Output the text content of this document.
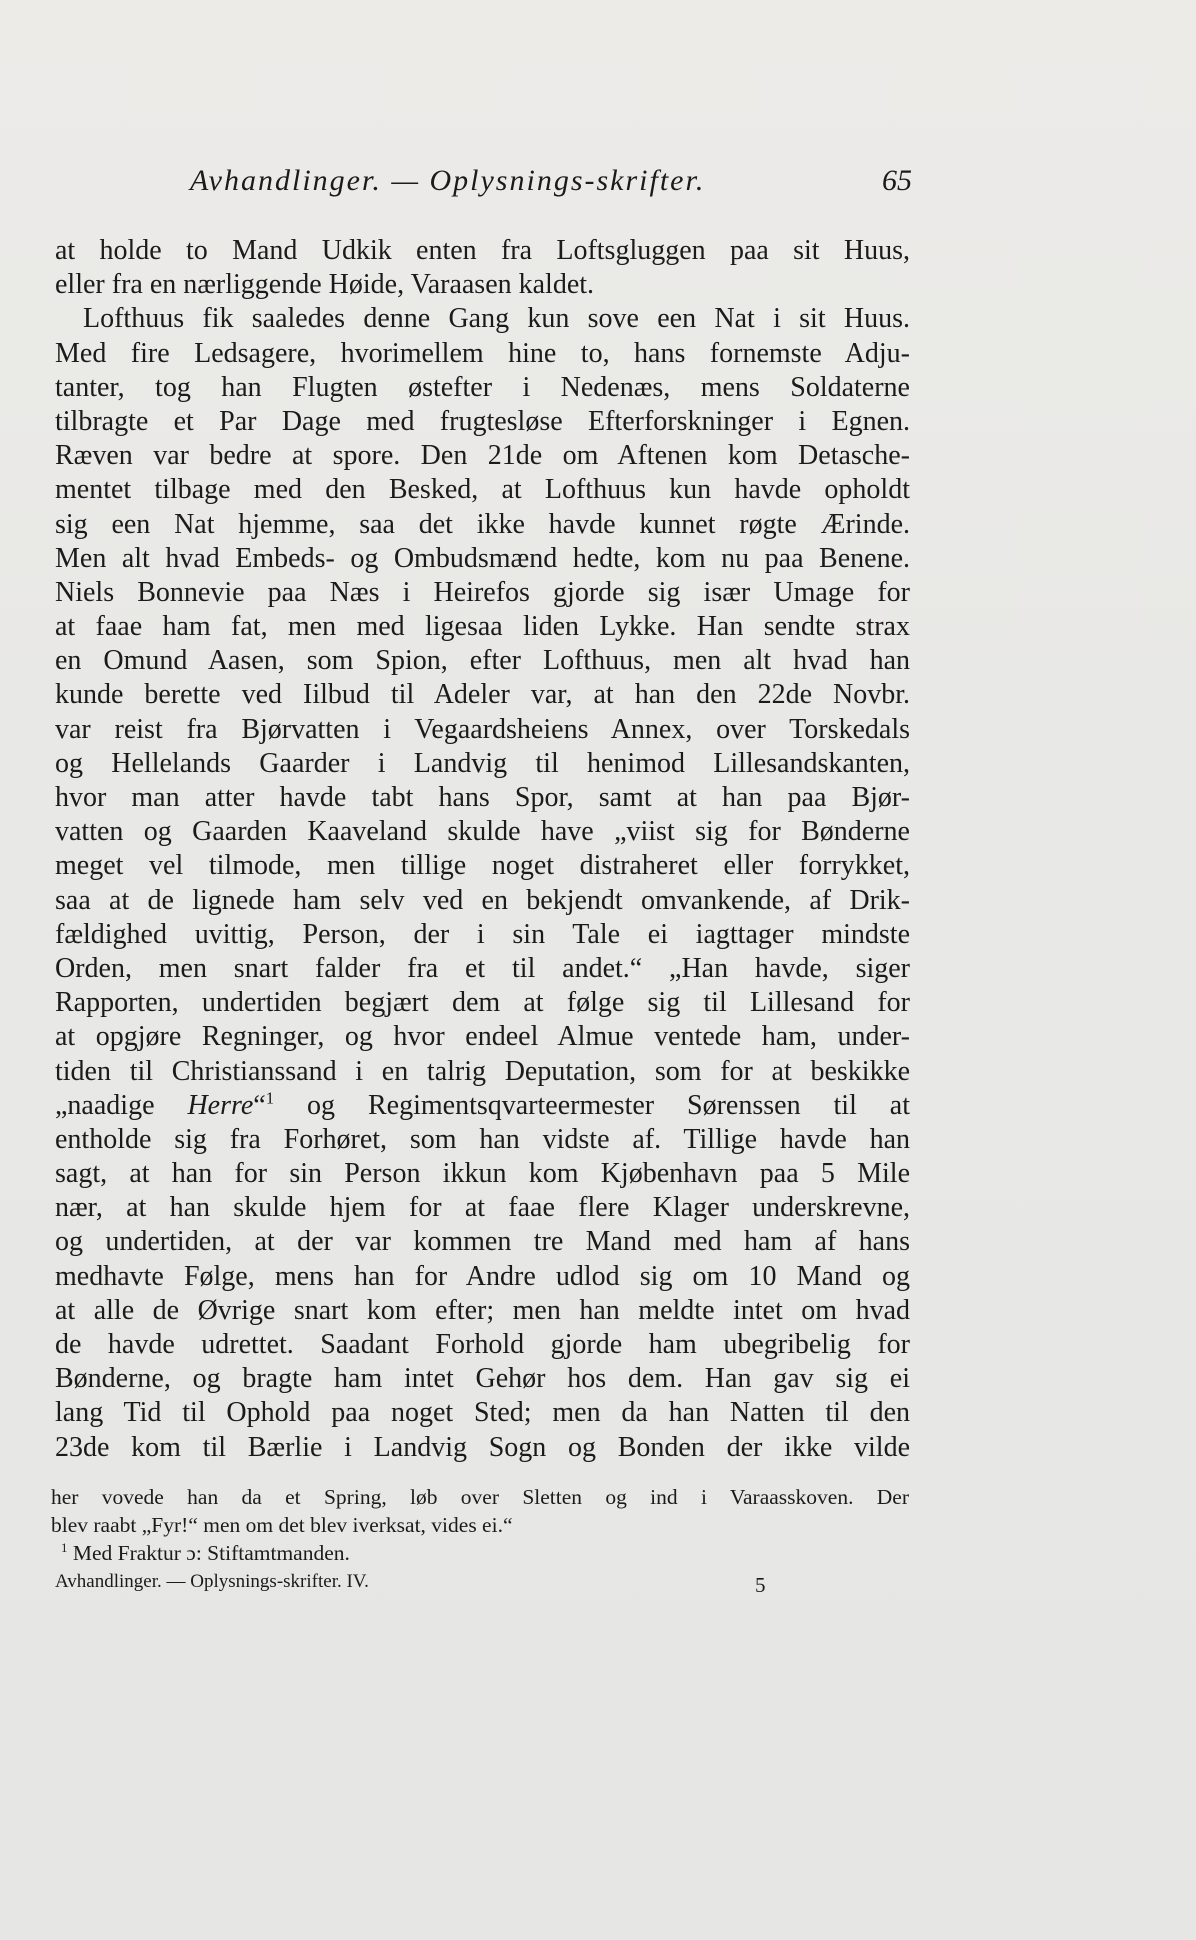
Avhandlinger. — Oplysnings-skrifter.	65
at holde to Mand Udkik enten fra Loftsgluggen paa sit Huus,
eller fra en nærliggende Høide, Varaasen kaldet.
Lofthuus fik saaledes denne Gang kun sove een Nat i sit Huus.
Med fire Ledsagere, hvorimellem hine to, hans fornemste Adju-
tanter, tog han Flugten østefter i Nedenæs, mens Soldaterne
tilbragte et Par Dage med frugtesløse Efterforskninger i Egnen.
Ræven var bedre at spore. Den 21de om Aftenen kom Detasche-
mentet tilbage med den Besked, at Lofthuus kun havde opholdt
sig een Nat hjemme, saa det ikke havde kunnet røgte Ærinde.
Men alt hvad Embeds- og Ombudsmænd hedte, kom nu paa Benene.
Niels Bonnevie paa Næs i Heirefos gjorde sig især Umage for
at faae ham fat, men med ligesaa liden Lykke. Han sendte strax
en Omund Aasen, som Spion, efter Lofthuus, men alt hvad han
kunde berette ved Iilbud til Adeler var, at han den 22de Novbr.
var reist fra Bjørvatten i Vegaardsheiens Annex, over Torskedals
og Hellelands Gaarder i Landvig til henimod Lillesandskanten,
hvor man atter havde tabt hans Spor, samt at han paa Bjør-
vatten og Gaarden Kaaveland skulde have „viist sig for Bønderne
meget vel tilmode, men tillige noget distraheret eller forrykket,
saa at de lignede ham selv ved en bekjendt omvankende, af Drik-
fældighed uvittig, Person, der i sin Tale ei iagttager mindste
Orden, men snart falder fra et til andet.“ „Han havde, siger
Rapporten, undertiden begjært dem at følge sig til Lillesand for
at opgjøre Regninger, og hvor endeel Almue ventede ham, under-
tiden til Christianssand i en talrig Deputation, som for at beskikke
„naadige Herre“$^1$ og Regimentsqvarteermester Sørenssen til at
entholde sig fra Forhøret, som han vidste af. Tillige havde han
sagt, at han for sin Person ikkun kom Kjøbenhavn paa 5 Mile
nær, at han skulde hjem for at faae flere Klager underskrevne,
og undertiden, at der var kommen tre Mand med ham af hans
medhavte Følge, mens han for Andre udlod sig om 10 Mand og
at alle de Øvrige snart kom efter; men han meldte intet om hvad
de havde udrettet. Saadant Forhold gjorde ham ubegribelig for
Bønderne, og bragte ham intet Gehør hos dem. Han gav sig ei
lang Tid til Ophold paa noget Sted; men da han Natten til den
23de kom til Bærlie i Landvig Sogn og Bonden der ikke vilde
her vovede han da et Spring, løb over Sletten og ind i Varaasskoven. Der
blev raabt „Fyr!“ men om det blev iverksat, vides ei.“
$^1$ Med Fraktur ɔ: Stiftamtmanden.
Avhandlinger. — Oplysnings-skrifter. IV.	5
